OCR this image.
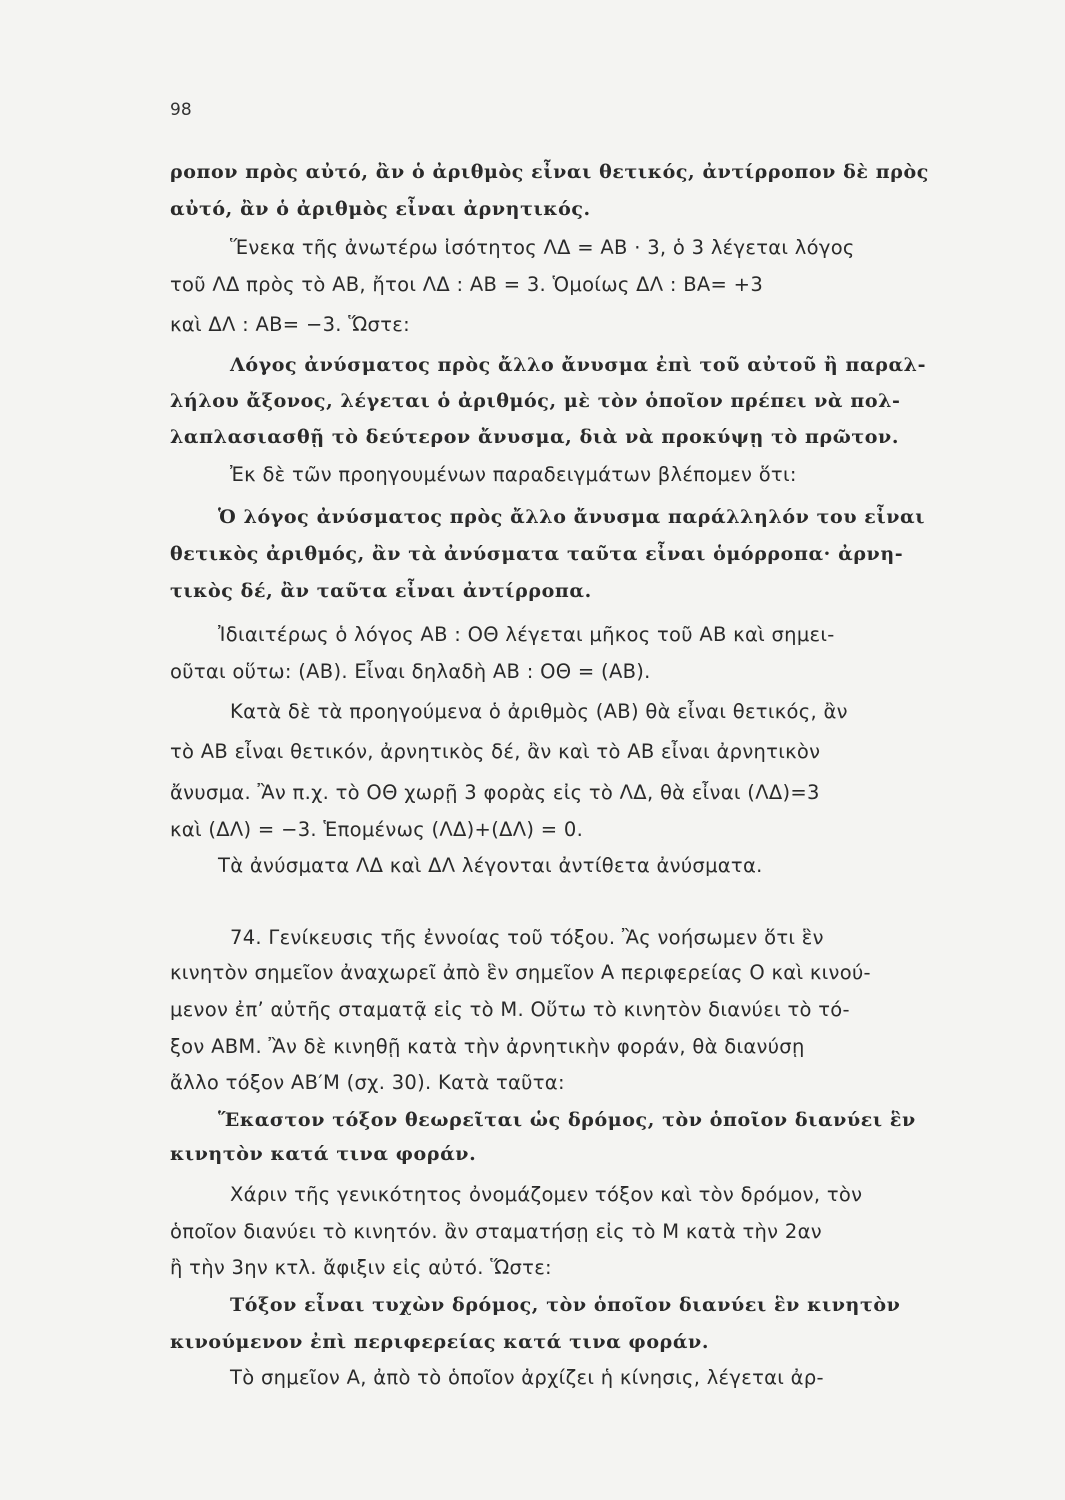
98
ροπον πρὸς αὐτό, ἂν ὁ ἀριθμὸς εἶναι θετικός, ἀντίρροπον δὲ πρὸς
αὐτό, ἂν ὁ ἀριθμὸς εἶναι ἀρνητικός.
Ἕνεκα τῆς ἀνωτέρω ἰσότητος ΛΔ = ΑΒ · 3, ὁ 3 λέγεται λόγος
τοῦ ΛΔ πρὸς τὸ ΑΒ, ἤτοι ΛΔ : ΑΒ = 3. Ὁμοίως ΔΛ : ΒΑ= +3
καὶ ΔΛ : ΑΒ= −3. Ὥστε:
Λόγος ἀνύσματος πρὸς ἄλλο ἄνυσμα ἐπὶ τοῦ αὐτοῦ ἢ παραλ-
λήλου ἄξονος, λέγεται ὁ ἀριθμός, μὲ τὸν ὁποῖον πρέπει νὰ πολ-
λαπλασιασθῇ τὸ δεύτερον ἄνυσμα, διὰ νὰ προκύψῃ τὸ πρῶτον.
Ἐκ δὲ τῶν προηγουμένων παραδειγμάτων βλέπομεν ὅτι:
Ὁ λόγος ἀνύσματος πρὸς ἄλλο ἄνυσμα παράλληλόν του εἶναι
θετικὸς ἀριθμός, ἂν τὰ ἀνύσματα ταῦτα εἶναι ὁμόρροπα· ἀρνη-
τικὸς δέ, ἂν ταῦτα εἶναι ἀντίρροπα.
Ἰδιαιτέρως ὁ λόγος ΑΒ : ΟΘ λέγεται μῆκος τοῦ ΑΒ καὶ σημει-
οῦται οὕτω: (ΑΒ). Εἶναι δηλαδὴ ΑΒ : ΟΘ = (ΑΒ).
Κατὰ δὲ τὰ προηγούμενα ὁ ἀριθμὸς (ΑΒ) θὰ εἶναι θετικός, ἂν
τὸ ΑΒ εἶναι θετικόν, ἀρνητικὸς δέ, ἂν καὶ τὸ ΑΒ εἶναι ἀρνητικὸν
ἄνυσμα. Ἂν π.χ. τὸ ΟΘ χωρῇ 3 φορὰς εἰς τὸ ΛΔ, θὰ εἶναι (ΛΔ)=3
καὶ (ΔΛ) = −3. Ἑπομένως (ΛΔ)+(ΔΛ) = 0.
Τὰ ἀνύσματα ΛΔ καὶ ΔΛ λέγονται ἀντίθετα ἀνύσματα.
74. Γενίκευσις τῆς ἐννοίας τοῦ τόξου. Ἂς νοήσωμεν ὅτι ἓν
κινητὸν σημεῖον ἀναχωρεῖ ἀπὸ ἓν σημεῖον Α περιφερείας Ο καὶ κινού-
μενον ἐπ’ αὐτῆς σταματᾷ εἰς τὸ Μ. Οὕτω τὸ κινητὸν διανύει τὸ τό-
ξον ΑΒΜ. Ἂν δὲ κινηθῇ κατὰ τὴν ἀρνητικὴν φοράν, θὰ διανύσῃ
ἄλλο τόξον ΑΒ′Μ (σχ. 30). Κατὰ ταῦτα:
Ἕκαστον τόξον θεωρεῖται ὡς δρόμος, τὸν ὁποῖον διανύει ἓν
κινητὸν κατά τινα φοράν.
Χάριν τῆς γενικότητος ὀνομάζομεν τόξον καὶ τὸν δρόμον, τὸν
ὁποῖον διανύει τὸ κινητόν. ἂν σταματήσῃ εἰς τὸ Μ κατὰ τὴν 2αν
ἢ τὴν 3ην κτλ. ἄφιξιν εἰς αὐτό. Ὥστε:
Τόξον εἶναι τυχὼν δρόμος, τὸν ὁποῖον διανύει ἓν κινητὸν
κινούμενον ἐπὶ περιφερείας κατά τινα φοράν.
Τὸ σημεῖον Α, ἀπὸ τὸ ὁποῖον ἀρχίζει ἡ κίνησις, λέγεται ἀρ-
